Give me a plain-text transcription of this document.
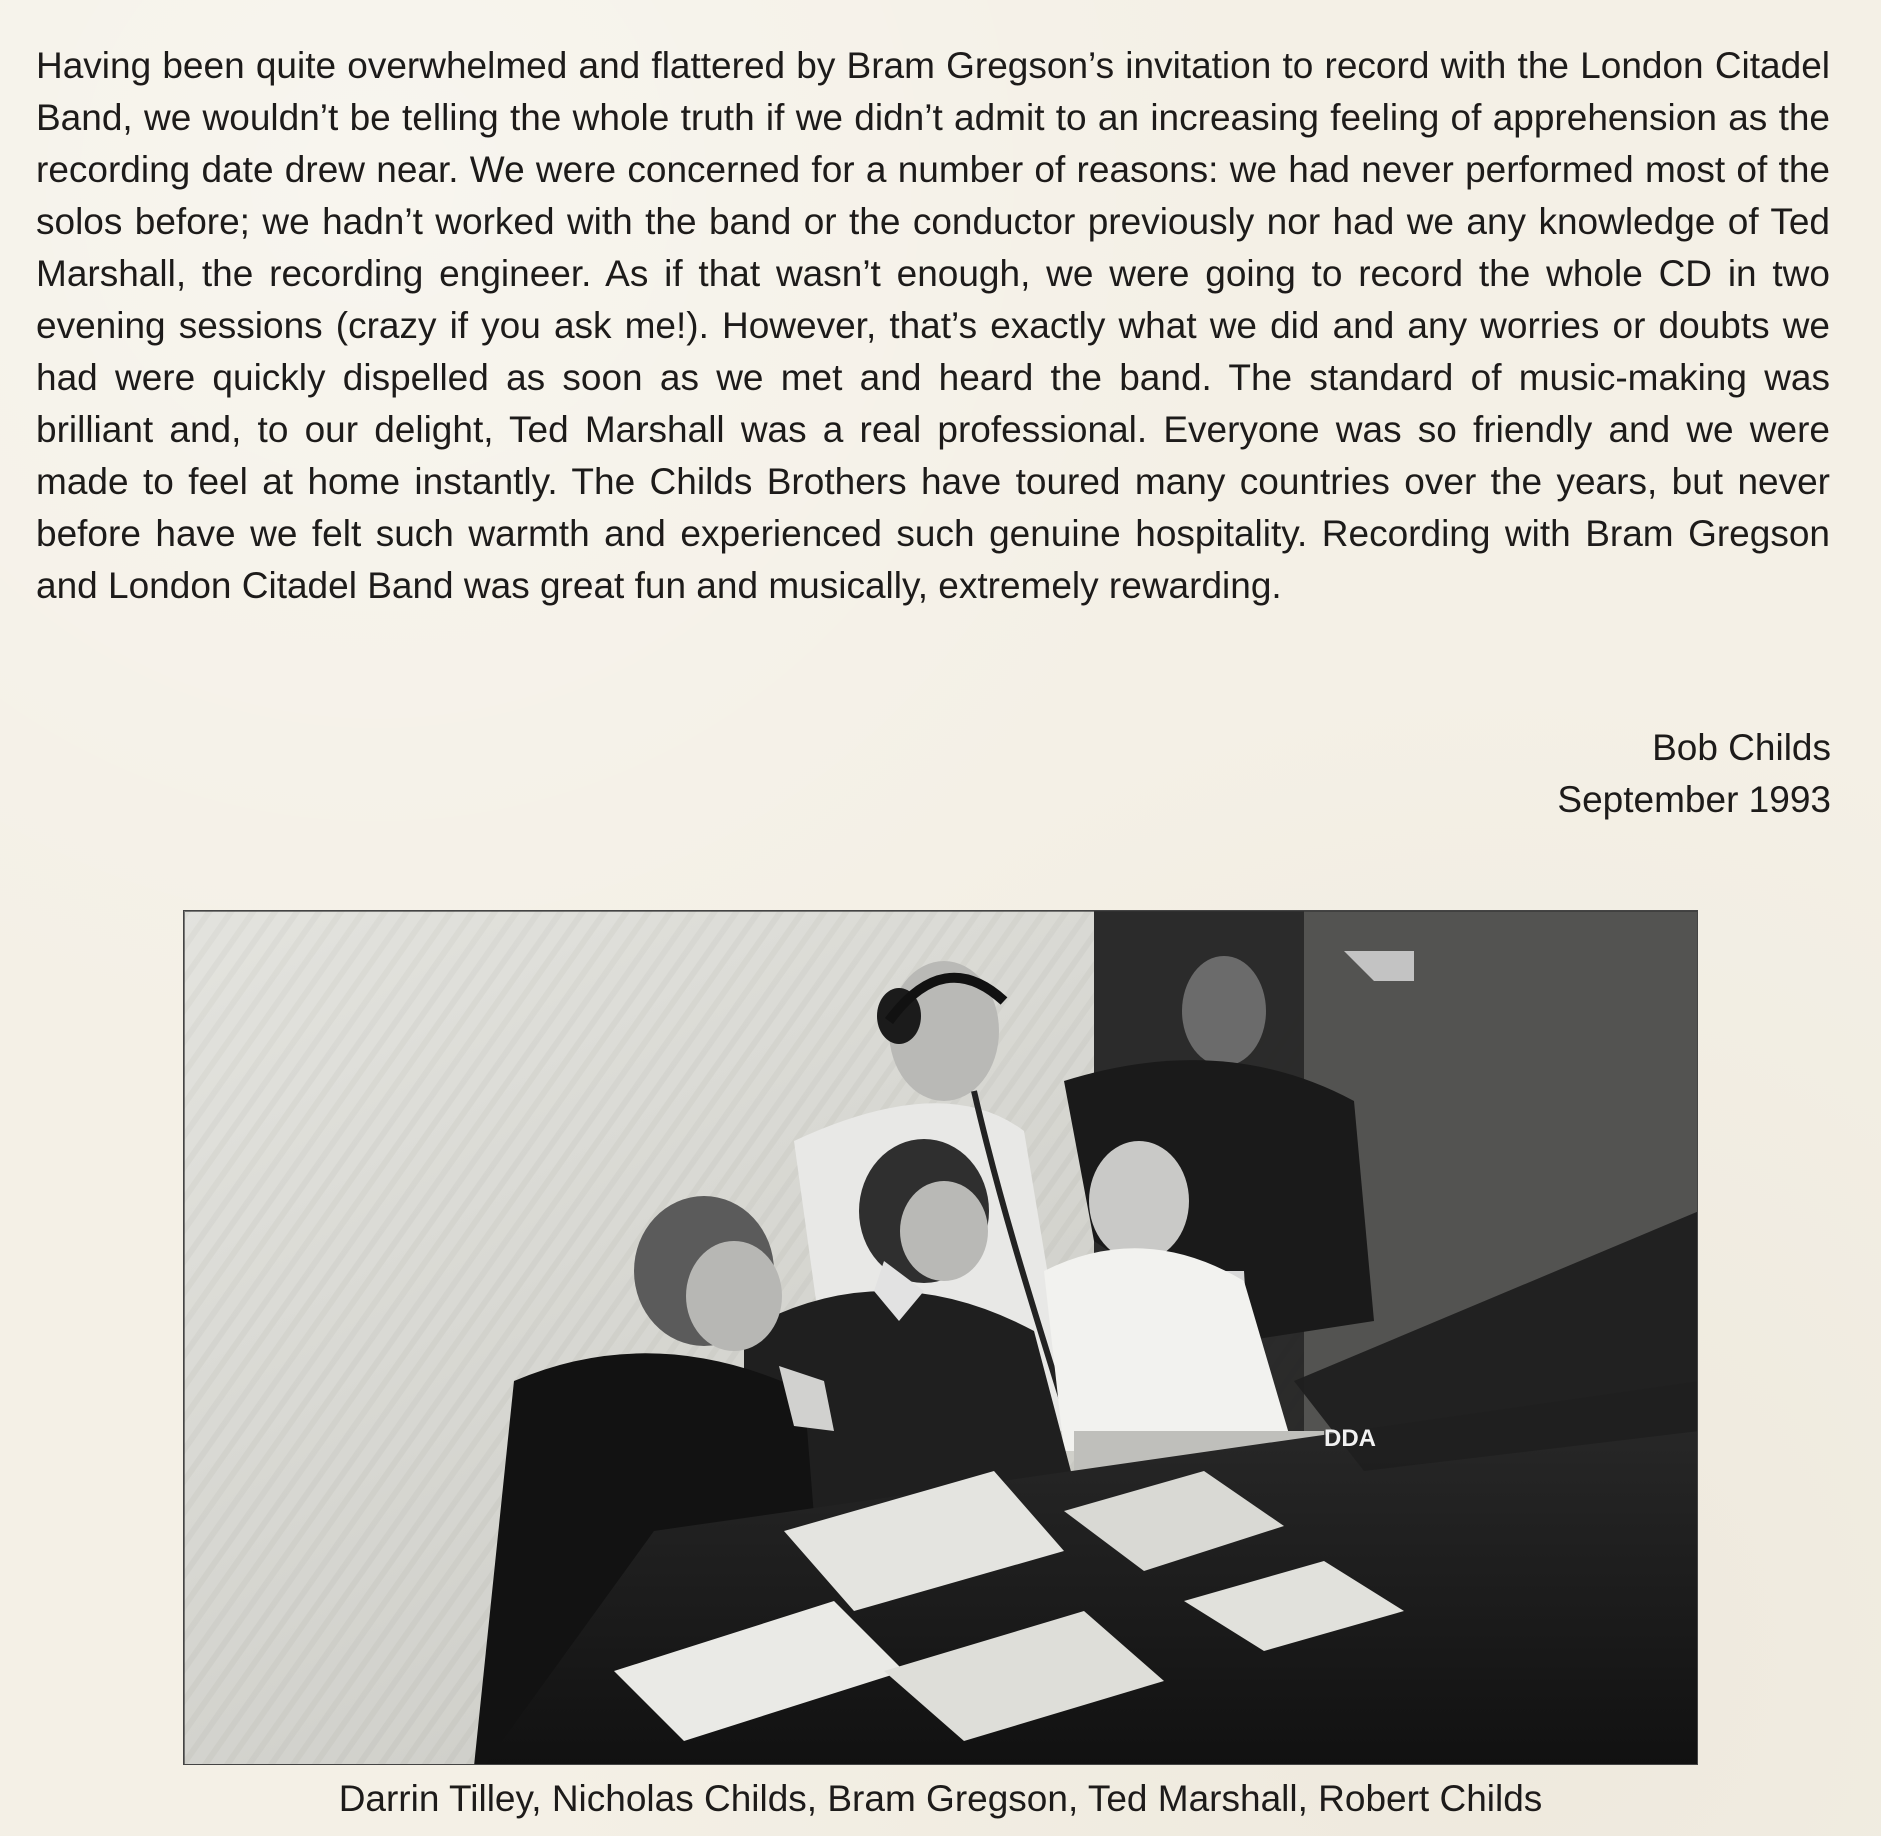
Having been quite overwhelmed and flattered by Bram Gregson’s invitation to record with the London Citadel Band, we wouldn’t be telling the whole truth if we didn’t admit to an increasing feeling of apprehension as the recording date drew near. We were concerned for a number of reasons: we had never performed most of the solos before; we hadn’t worked with the band or the conductor previously nor had we any knowledge of Ted Marshall, the recording engineer. As if that wasn’t enough, we were going to record the whole CD in two evening sessions (crazy if you ask me!). However, that’s exactly what we did and any worries or doubts we had were quickly dispelled as soon as we met and heard the band. The standard of music-making was brilliant and, to our delight, Ted Marshall was a real professional. Everyone was so friendly and we were made to feel at home instantly. The Childs Brothers have toured many countries over the years, but never before have we felt such warmth and experienced such genuine hospitality. Recording with Bram Gregson and London Citadel Band was great fun and musically, extremely rewarding.

Bob Childs
September 1993
DDA
Darrin Tilley, Nicholas Childs, Bram Gregson, Ted Marshall, Robert Childs
